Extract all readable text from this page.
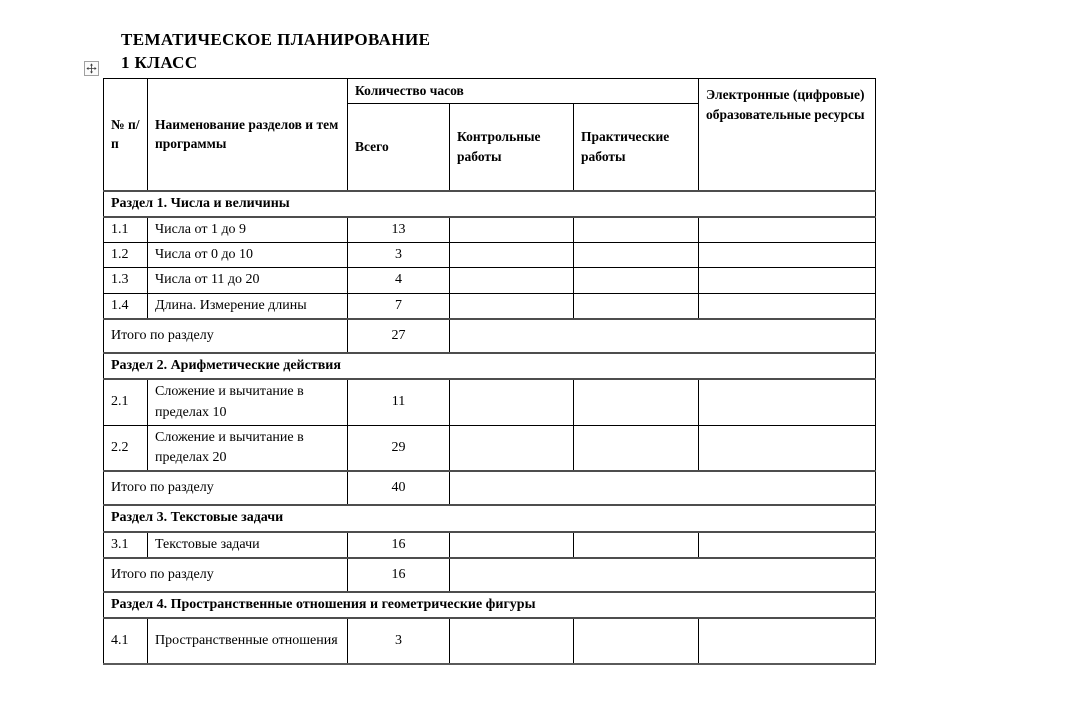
ТЕМАТИЧЕСКОЕ ПЛАНИРОВАНИЕ
1 КЛАСС
№ п/п	Наименование разделов и тем программы	Количество часов			Электронные (цифровые) образовательные ресурсы
		Всего	Контрольные работы	Практические работы	
Раздел 1. Числа и величины					
1.1	Числа от 1 до 9	13			
1.2	Числа от 0 до 10	3			
1.3	Числа от 11 до 20	4			
1.4	Длина. Измерение длины	7			
Итого по разделу		27			
Раздел 2. Арифметические действия					
2.1	Сложение и вычитание в пределах 10	11			
2.2	Сложение и вычитание в пределах 20	29			
Итого по разделу		40			
Раздел 3. Текстовые задачи					
3.1	Текстовые задачи	16			
Итого по разделу		16			
Раздел 4. Пространственные отношения и геометрические фигуры					
4.1	Пространственные отношения	3			
